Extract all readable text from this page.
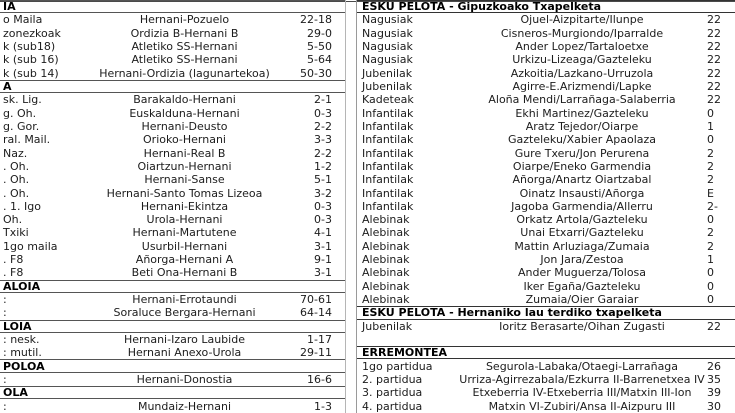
IA
o Maila	Hernani-Pozuelo	22-18
zonezkoak	Ordizia B-Hernani B	29-0
k (sub18)	Atletiko SS-Hernani	5-50
k (sub 16)	Atletiko SS-Hernani	5-64
k (sub 14)	Hernani-Ordizia (lagunartekoa)	50-30
A
sk. Lig.	Barakaldo-Hernani	2-1
g. Oh.	Euskalduna-Hernani	0-3
g. Gor.	Hernani-Deusto	2-2
ral. Mail.	Orioko-Hernani	3-3
Naz.	Hernani-Real B	2-2
. Oh.	Oiartzun-Hernani	1-2
. Oh.	Hernani-Sanse	5-1
. Oh.	Hernani-Santo Tomas Lizeoa	3-2
. 1. Igo	Hernani-Ekintza	0-3
Oh.	Urola-Hernani	0-3
Txiki	Hernani-Martutene	4-1
1go maila	Usurbil-Hernani	3-1
. F8	Añorga-Hernani A	9-1
. F8	Beti Ona-Hernani B	3-1
ALOIA
:	Hernani-Errotaundi	70-61
:	Soraluce Bergara-Hernani	64-14
LOIA
: nesk.	Hernani-Izaro Laubide	1-17
: mutil.	Hernani Anexo-Urola	29-11
POLOA
:	Hernani-Donostia	16-6
OLA
:	Mundaiz-Hernani	1-3
ESKU PELOTA - Gipuzkoako Txapelketa
Nagusiak	Ojuel-Aizpitarte/Ilunpe	22
Nagusiak	Cisneros-Murgiondo/Iparralde	22
Nagusiak	Ander Lopez/Tartaloetxe	22
Nagusiak	Urkizu-Lizeaga/Gazteleku	22
Jubenilak	Azkoitia/Lazkano-Urruzola	22
Jubenilak	Agirre-E.Arizmendi/Lapke	22
Kadeteak	Aloña Mendi/Larrañaga-Salaberria	22
Infantilak	Ekhi Martinez/Gazteleku	0
Infantilak	Aratz Tejedor/Oiarpe	1
Infantilak	Gazteleku/Xabier Apaolaza	0
Infantilak	Gure Txeru/Jon Perurena	2
Infantilak	Oiarpe/Eneko Garmendia	2
Infantilak	Añorga/Anartz Oiartzabal	2
Infantilak	Oinatz Insausti/Añorga	E
Infantilak	Jagoba Garmendia/Allerru	2-
Alebinak	Orkatz Artola/Gazteleku	0
Alebinak	Unai Etxarri/Gazteleku	2
Alebinak	Mattin Arluziaga/Zumaia	2
Alebinak	Jon Jara/Zestoa	1
Alebinak	Ander Muguerza/Tolosa	0
Alebinak	Iker Egaña/Gazteleku	0
Alebinak	Zumaia/Oier Garaiar	0
ESKU PELOTA - Hernaniko lau terdiko txapelketa
Jubenilak	Ioritz Berasarte/Oihan Zugasti	22
ERREMONTEA
1go partidua	Segurola-Labaka/Otaegi-Larrañaga	26
2. partidua	Urriza-Agirrezabala/Ezkurra II-Barrenetxea IV 35
3. partidua	Etxeberria IV-Etxeberria III/Matxin III-Ion	39
4. partidua	Matxin VI-Zubiri/Ansa II-Aizpuru III	30
